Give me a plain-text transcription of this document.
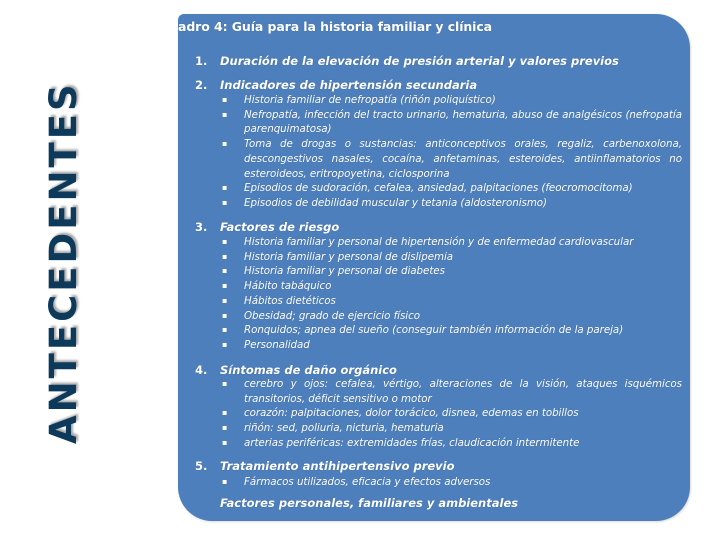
ANTECEDENTES
adro 4: Guía para la historia familiar y clínica
1. Duración de la elevación de presión arterial y valores previos
2. Indicadores de hipertensión secundaria
▪ Historia familiar de nefropatía (riñón poliquístico)
▪ Nefropatía, infección del tracto urinario, hematuria, abuso de analgésicos (nefropatía parenquimatosa)
▪ Toma de drogas o sustancias: anticonceptivos orales, regaliz, carbenoxolona, descongestivos nasales, cocaína, anfetaminas, esteroides, antiinflamatorios no esteroideos, eritropoyetina, ciclosporina
▪ Episodios de sudoración, cefalea, ansiedad, palpitaciones (feocromocitoma)
▪ Episodios de debilidad muscular y tetania (aldosteronismo)
3. Factores de riesgo
▪ Historia familiar y personal de hipertensión y de enfermedad cardiovascular
▪ Historia familiar y personal de dislipemia
▪ Historia familiar y personal de diabetes
▪ Hábito tabáquico
▪ Hábitos dietéticos
▪ Obesidad; grado de ejercicio físico
▪ Ronquidos; apnea del sueño (conseguir también información de la pareja)
▪ Personalidad
4. Síntomas de daño orgánico
▪ cerebro y ojos: cefalea, vértigo, alteraciones de la visión, ataques isquémicos transitorios, déficit sensitivo o motor
▪ corazón: palpitaciones, dolor torácico, disnea, edemas en tobillos
▪ riñón: sed, poliuria, nicturia, hematuria
▪ arterias periféricas: extremidades frías, claudicación intermitente
5. Tratamiento antihipertensivo previo
▪ Fármacos utilizados, eficacia y efectos adversos
Factores personales, familiares y ambientales
